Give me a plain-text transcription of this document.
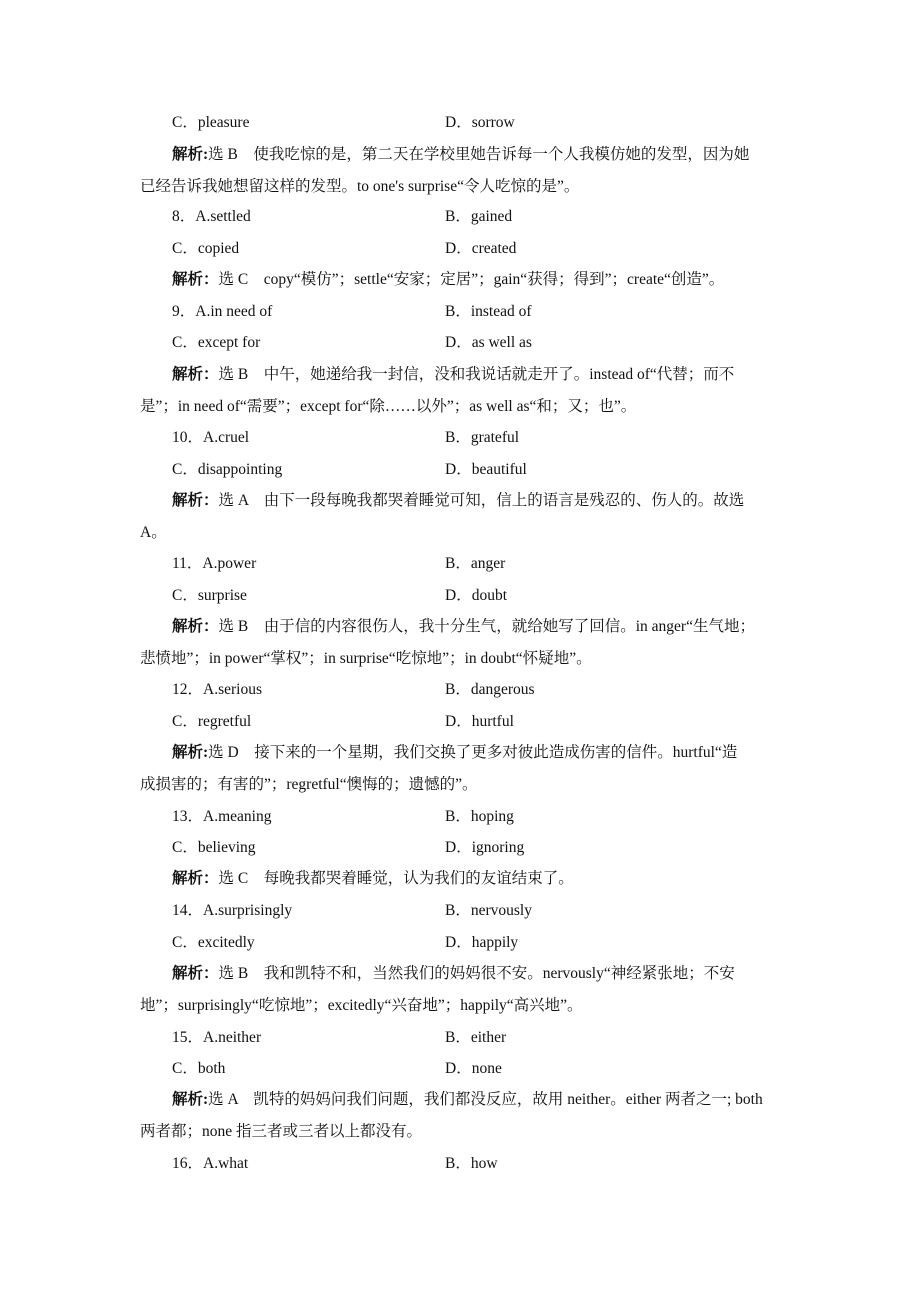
C．pleasure	D．sorrow
解析:选 B　使我吃惊的是，第二天在学校里她告诉每一个人我模仿她的发型，因为她
已经告诉我她想留这样的发型。to one's surprise“令人吃惊的是”。
8．A.settled	B．gained
C．copied	D．created
解析：选 C　copy“模仿”；settle“安家；定居”；gain“获得；得到”；create“创造”。
9．A.in need of	B．instead of
C．except for	D．as well as
解析：选 B　中午，她递给我一封信，没和我说话就走开了。instead of“代替；而不
是”；in need of“需要”；except for“除……以外”；as well as“和；又；也”。
10．A.cruel	B．grateful
C．disappointing	D．beautiful
解析：选 A　由下一段每晚我都哭着睡觉可知，信上的语言是残忍的、伤人的。故选
A。
11．A.power	B．anger
C．surprise	D．doubt
解析：选 B　由于信的内容很伤人，我十分生气，就给她写了回信。in anger“生气地；
悲愤地”；in power“掌权”；in surprise“吃惊地”；in doubt“怀疑地”。
12．A.serious	B．dangerous
C．regretful	D．hurtful
解析:选 D　接下来的一个星期，我们交换了更多对彼此造成伤害的信件。hurtful“造
成损害的；有害的”；regretful“懊悔的；遗憾的”。
13．A.meaning	B．hoping
C．believing	D．ignoring
解析：选 C　每晚我都哭着睡觉，认为我们的友谊结束了。
14．A.surprisingly	B．nervously
C．excitedly	D．happily
解析：选 B　我和凯特不和，当然我们的妈妈很不安。nervously“神经紧张地；不安
地”；surprisingly“吃惊地”；excitedly“兴奋地”；happily“高兴地”。
15．A.neither	B．either
C．both	D．none
解析:选 A　凯特的妈妈问我们问题，我们都没反应，故用 neither。either 两者之一; both
两者都；none 指三者或三者以上都没有。
16．A.what	B．how
